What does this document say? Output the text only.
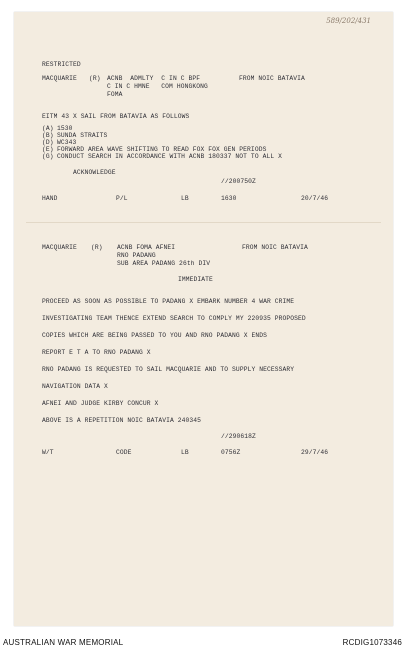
589/202/431
RESTRICTED
MACQUARIE (R) ACNB  ADMLTY  C IN C BPF
C IN C HMNE   COM HONGKONG
FOMA
FROM NOIC BATAVIA
EITM 43 X SAIL FROM BATAVIA AS FOLLOWS
(A) 1530
(B) SUNDA STRAITS
(D) WC343
(E) FORWARD AREA WAVE SHIFTING TO READ FOX FOX GEN PERIODS
(G) CONDUCT SEARCH IN ACCORDANCE WITH ACNB 180337 NOT TO ALL X
ACKNOWLEDGE
//200750Z
HAND	P/L	LB	1630	20/7/46
MACQUARIE (R) ACNB FOMA AFNEI
RNO PADANG
SUB AREA PADANG 26th DIV
FROM NOIC BATAVIA
IMMEDIATE
PROCEED AS SOON AS POSSIBLE TO PADANG X EMBARK NUMBER 4 WAR CRIME
INVESTIGATING TEAM THENCE EXTEND SEARCH TO COMPLY MY 220935 PROPOSED
COPIES WHICH ARE BEING PASSED TO YOU AND RNO PADANG X ENDS
REPORT E T A TO RNO PADANG X
RNO PADANG IS REQUESTED TO SAIL MACQUARIE AND TO SUPPLY NECESSARY
NAVIGATION DATA X
AFNEI AND JUDGE KIRBY CONCUR X
ABOVE IS A REPETITION NOIC BATAVIA 240345
//290618Z
W/T	CODE	LB	0756Z	29/7/46
AUSTRALIAN WAR MEMORIAL	RCDIG1073346
